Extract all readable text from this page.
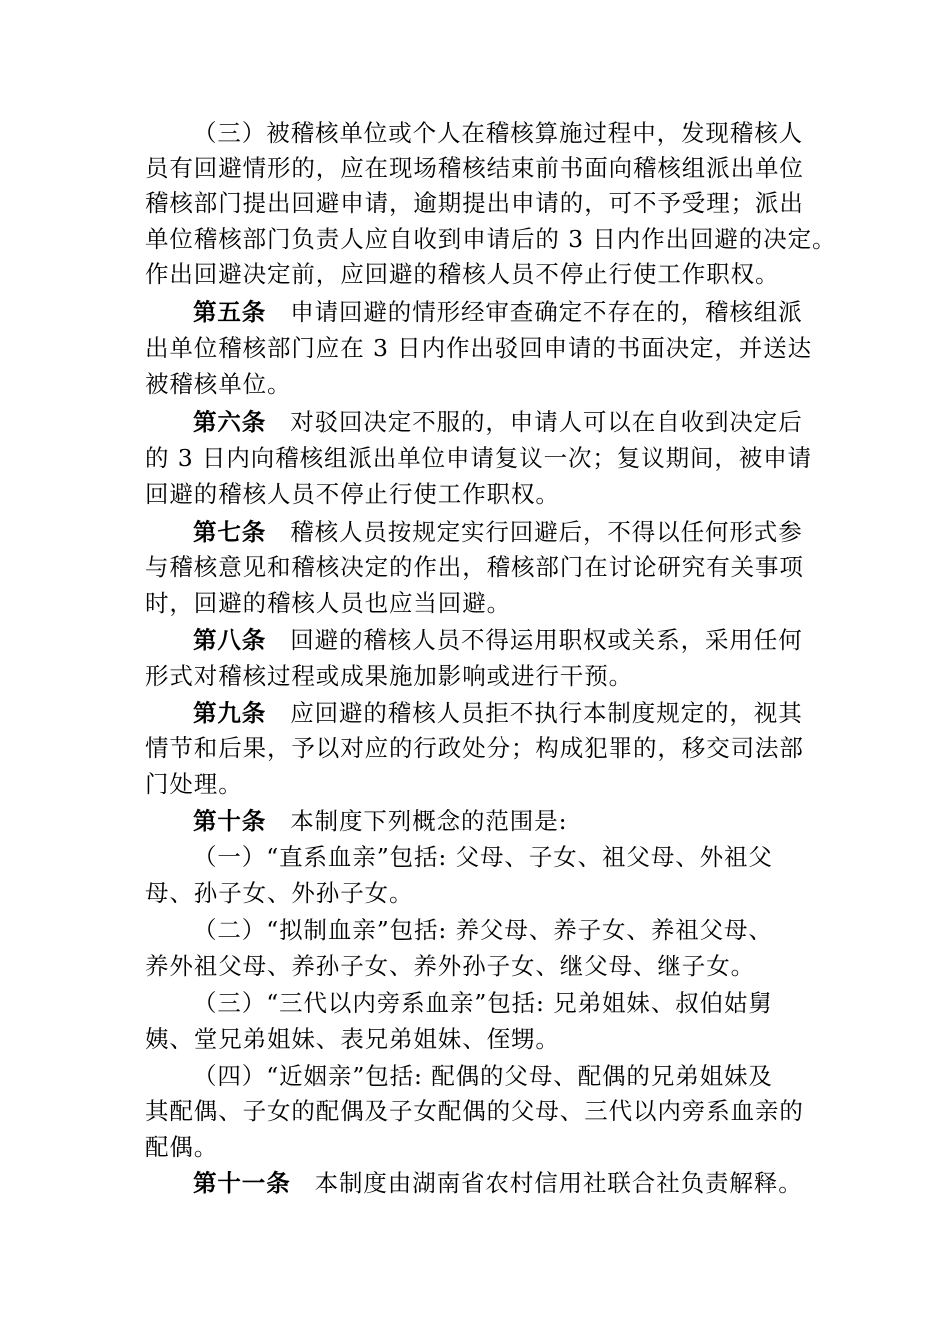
（三）被稽核单位或个人在稽核算施过程中，发现稽核人
员有回避情形的，应在现场稽核结束前书面向稽核组派出单位
稽核部门提出回避申请，逾期提出申请的，可不予受理；派出
单位稽核部门负责人应自收到申请后的 3 日内作出回避的决定。
作出回避决定前，应回避的稽核人员不停止行使工作职权。
第五条 申请回避的情形经审查确定不存在的，稽核组派
出单位稽核部门应在 3 日内作出驳回申请的书面决定，并送达
被稽核单位。
第六条 对驳回决定不服的，申请人可以在自收到决定后
的 3 日内向稽核组派出单位申请复议一次；复议期间，被申请
回避的稽核人员不停止行使工作职权。
第七条 稽核人员按规定实行回避后，不得以任何形式参
与稽核意见和稽核决定的作出，稽核部门在讨论研究有关事项
时，回避的稽核人员也应当回避。
第八条 回避的稽核人员不得运用职权或关系，采用任何
形式对稽核过程或成果施加影响或进行干预。
第九条 应回避的稽核人员拒不执行本制度规定的，视其
情节和后果，予以对应的行政处分；构成犯罪的，移交司法部
门处理。
第十条 本制度下列概念的范围是:
（一）“直系血亲”包括: 父母、子女、祖父母、外祖父
母、孙子女、外孙子女。
（二）“拟制血亲”包括: 养父母、养子女、养祖父母、
养外祖父母、养孙子女、养外孙子女、继父母、继子女。
（三）“三代以内旁系血亲”包括: 兄弟姐妹、叔伯姑舅
姨、堂兄弟姐妹、表兄弟姐妹、侄甥。
（四）“近姻亲”包括: 配偶的父母、配偶的兄弟姐妹及
其配偶、子女的配偶及子女配偶的父母、三代以内旁系血亲的
配偶。
第十一条 本制度由湖南省农村信用社联合社负责解释。
